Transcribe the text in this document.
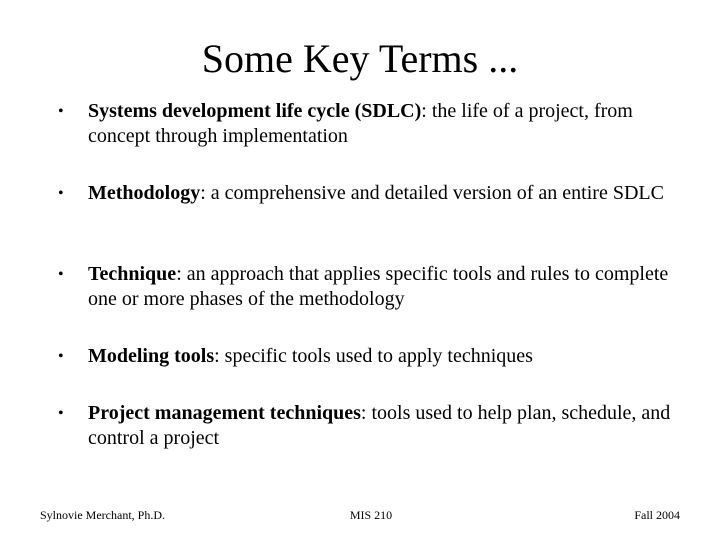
Some Key Terms ...
•	Systems development life cycle (SDLC): the life of a project, from concept through implementation
•	Methodology: a comprehensive and detailed version of an entire SDLC
•	Technique: an approach that applies specific tools and rules to complete one or more phases of the methodology
•	Modeling tools: specific tools used to apply techniques
•	Project management techniques: tools used to help plan, schedule, and control a project
Sylnovie Merchant, Ph.D.	MIS 210	Fall 2004
